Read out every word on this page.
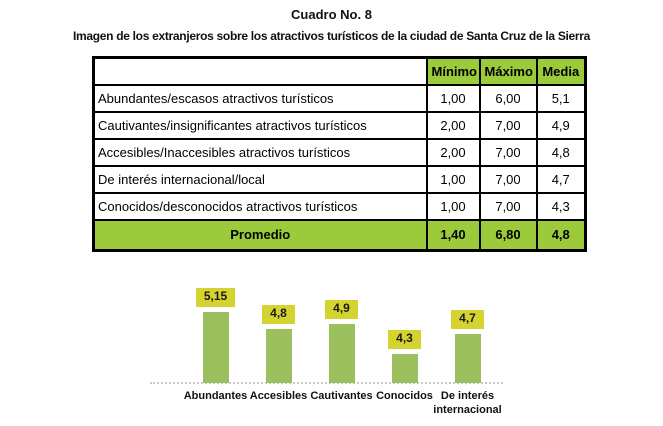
Cuadro No. 8
Imagen de los extranjeros sobre los atractivos turísticos de la ciudad de Santa Cruz de la Sierra
	Mínimo	Máximo	Media
Abundantes/escasos atractivos turísticos	1,00	6,00	5,1
Cautivantes/insignificantes atractivos turísticos	2,00	7,00	4,9
Accesibles/Inaccesibles atractivos turísticos	2,00	7,00	4,8
De interés internacional/local	1,00	7,00	4,7
Conocidos/desconocidos atractivos turísticos	1,00	7,00	4,3
Promedio	1,40	6,80	4,8
5,15
4,8	4,9
4,3
4,7
Abundantes Accesibles Cautivantes Conocidos De interés internacional
